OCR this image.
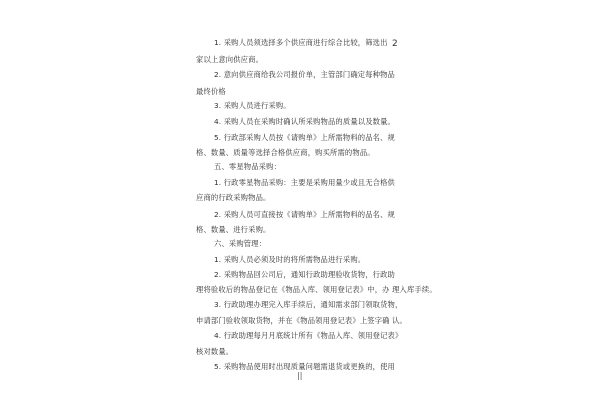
2
1. 采购人员须选择多个供应商进行综合比较，筛选出
家以上意向供应商。
2. 意向供应商给我公司报价单，主管部门确定每种物品
最终价格
3. 采购人员进行采购。
4. 采购人员在采购时确认所采购物品的质量以及数量。
5. 行政部采购人员按《请购单》上所需物料的品名、规
格、数量、质量等选择合格供应商，购买所需的物品。
五、零星物品采购：
1. 行政零星物品采购：主要是采购用量少或且无合格供
应商的行政采购物品。
2. 采购人员可直接按《请购单》上所需物料的品名、规
格、数量、进行采购。
六、采购管理：
1. 采购人员必须及时的将所需物品进行采购。
2. 采购物品回公司后，通知行政助理验收货物，行政助
理将验收后的物品登记在《物品入库、领用登记表》中，办 理入库手续。
3. 行政助理办理完入库手续后，通知需求部门领取货物，
申请部门验收领取货物，并在《物品领用登记表》上签字确 认。
4. 行政助理每月月底统计所有《物品入库、领用登记表》
核对数量。
5. 采购物品使用时出现质量问题需退货或更换的，使用
||
